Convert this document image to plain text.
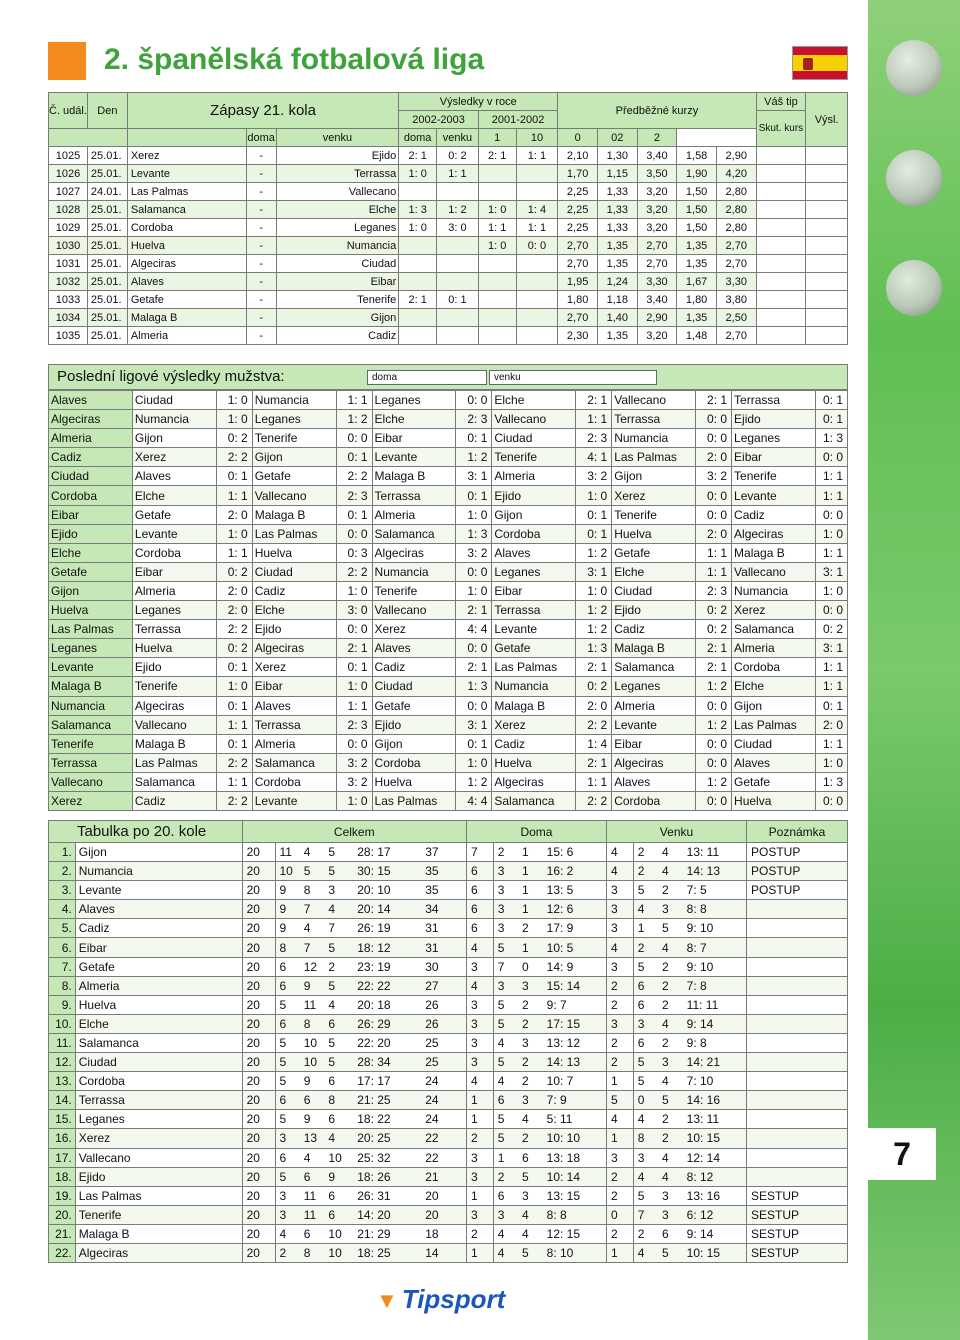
7
2. španělská fotbalová liga
Č. udál.	Den	Zápasy 21. kola			Výsledky v roce				Předběžné kurzy					Váš tip	Výsl.
					2002-2003		2001-2002							Skut. kurs	
			doma	venku	doma	venku	1	10	0	02	2				
1025	25.01.	Xerez	-	Ejido	2: 1	0: 2	2: 1	1: 1	2,10	1,30	3,40	1,58	2,90		
1026	25.01.	Levante	-	Terrassa	1: 0	1: 1			1,70	1,15	3,50	1,90	4,20		
1027	24.01.	Las Palmas	-	Vallecano					2,25	1,33	3,20	1,50	2,80		
1028	25.01.	Salamanca	-	Elche	1: 3	1: 2	1: 0	1: 4	2,25	1,33	3,20	1,50	2,80		
1029	25.01.	Cordoba	-	Leganes	1: 0	3: 0	1: 1	1: 1	2,25	1,33	3,20	1,50	2,80		
1030	25.01.	Huelva	-	Numancia			1: 0	0: 0	2,70	1,35	2,70	1,35	2,70		
1031	25.01.	Algeciras	-	Ciudad					2,70	1,35	2,70	1,35	2,70		
1032	25.01.	Alaves	-	Eibar					1,95	1,24	3,30	1,67	3,30		
1033	25.01.	Getafe	-	Tenerife	2: 1	0: 1			1,80	1,18	3,40	1,80	3,80		
1034	25.01.	Malaga B	-	Gijon					2,70	1,40	2,90	1,35	2,50		
1035	25.01.	Almeria	-	Cadiz					2,30	1,35	3,20	1,48	2,70		
Poslední ligové výsledky mužstva:	doma	venku
Alaves	Ciudad	1: 0	Numancia	1: 1	Leganes	0: 0	Elche	2: 1	Vallecano	2: 1	Terrassa	0: 1
Algeciras	Numancia	1: 0	Leganes	1: 2	Elche	2: 3	Vallecano	1: 1	Terrassa	0: 0	Ejido	0: 1
Almeria	Gijon	0: 2	Tenerife	0: 0	Eibar	0: 1	Ciudad	2: 3	Numancia	0: 0	Leganes	1: 3
Cadiz	Xerez	2: 2	Gijon	0: 1	Levante	1: 2	Tenerife	4: 1	Las Palmas	2: 0	Eibar	0: 0
Ciudad	Alaves	0: 1	Getafe	2: 2	Malaga B	3: 1	Almeria	3: 2	Gijon	3: 2	Tenerife	1: 1
Cordoba	Elche	1: 1	Vallecano	2: 3	Terrassa	0: 1	Ejido	1: 0	Xerez	0: 0	Levante	1: 1
Eibar	Getafe	2: 0	Malaga B	0: 1	Almeria	1: 0	Gijon	0: 1	Tenerife	0: 0	Cadiz	0: 0
Ejido	Levante	1: 0	Las Palmas	0: 0	Salamanca	1: 3	Cordoba	0: 1	Huelva	2: 0	Algeciras	1: 0
Elche	Cordoba	1: 1	Huelva	0: 3	Algeciras	3: 2	Alaves	1: 2	Getafe	1: 1	Malaga B	1: 1
Getafe	Eibar	0: 2	Ciudad	2: 2	Numancia	0: 0	Leganes	3: 1	Elche	1: 1	Vallecano	3: 1
Gijon	Almeria	2: 0	Cadiz	1: 0	Tenerife	1: 0	Eibar	1: 0	Ciudad	2: 3	Numancia	1: 0
Huelva	Leganes	2: 0	Elche	3: 0	Vallecano	2: 1	Terrassa	1: 2	Ejido	0: 2	Xerez	0: 0
Las Palmas	Terrassa	2: 2	Ejido	0: 0	Xerez	4: 4	Levante	1: 2	Cadiz	0: 2	Salamanca	0: 2
Leganes	Huelva	0: 2	Algeciras	2: 1	Alaves	0: 0	Getafe	1: 3	Malaga B	2: 1	Almeria	3: 1
Levante	Ejido	0: 1	Xerez	0: 1	Cadiz	2: 1	Las Palmas	2: 1	Salamanca	2: 1	Cordoba	1: 1
Malaga B	Tenerife	1: 0	Eibar	1: 0	Ciudad	1: 3	Numancia	0: 2	Leganes	1: 2	Elche	1: 1
Numancia	Algeciras	0: 1	Alaves	1: 1	Getafe	0: 0	Malaga B	2: 0	Almeria	0: 0	Gijon	0: 1
Salamanca	Vallecano	1: 1	Terrassa	2: 3	Ejido	3: 1	Xerez	2: 2	Levante	1: 2	Las Palmas	2: 0
Tenerife	Malaga B	0: 1	Almeria	0: 0	Gijon	0: 1	Cadiz	1: 4	Eibar	0: 0	Ciudad	1: 1
Terrassa	Las Palmas	2: 2	Salamanca	3: 2	Cordoba	1: 0	Huelva	2: 1	Algeciras	0: 0	Alaves	1: 0
Vallecano	Salamanca	1: 1	Cordoba	3: 2	Huelva	1: 2	Algeciras	1: 1	Alaves	1: 2	Getafe	1: 3
Xerez	Cadiz	2: 2	Levante	1: 0	Las Palmas	4: 4	Salamanca	2: 2	Cordoba	0: 0	Huelva	0: 0
Tabulka po 20. kole		Celkem						Doma				Venku				Poznámka
1.	Gijon	20	11	4	5	28: 17	37	7	2	1	15: 6	4	2	4	13: 11	POSTUP
2.	Numancia	20	10	5	5	30: 15	35	6	3	1	16: 2	4	2	4	14: 13	POSTUP
3.	Levante	20	9	8	3	20: 10	35	6	3	1	13: 5	3	5	2	7: 5	POSTUP
4.	Alaves	20	9	7	4	20: 14	34	6	3	1	12: 6	3	4	3	8: 8	
5.	Cadiz	20	9	4	7	26: 19	31	6	3	2	17: 9	3	1	5	9: 10	
6.	Eibar	20	8	7	5	18: 12	31	4	5	1	10: 5	4	2	4	8: 7	
7.	Getafe	20	6	12	2	23: 19	30	3	7	0	14: 9	3	5	2	9: 10	
8.	Almeria	20	6	9	5	22: 22	27	4	3	3	15: 14	2	6	2	7: 8	
9.	Huelva	20	5	11	4	20: 18	26	3	5	2	9: 7	2	6	2	11: 11	
10.	Elche	20	6	8	6	26: 29	26	3	5	2	17: 15	3	3	4	9: 14	
11.	Salamanca	20	5	10	5	22: 20	25	3	4	3	13: 12	2	6	2	9: 8	
12.	Ciudad	20	5	10	5	28: 34	25	3	5	2	14: 13	2	5	3	14: 21	
13.	Cordoba	20	5	9	6	17: 17	24	4	4	2	10: 7	1	5	4	7: 10	
14.	Terrassa	20	6	6	8	21: 25	24	1	6	3	7: 9	5	0	5	14: 16	
15.	Leganes	20	5	9	6	18: 22	24	1	5	4	5: 11	4	4	2	13: 11	
16.	Xerez	20	3	13	4	20: 25	22	2	5	2	10: 10	1	8	2	10: 15	
17.	Vallecano	20	6	4	10	25: 32	22	3	1	6	13: 18	3	3	4	12: 14	
18.	Ejido	20	5	6	9	18: 26	21	3	2	5	10: 14	2	4	4	8: 12	
19.	Las Palmas	20	3	11	6	26: 31	20	1	6	3	13: 15	2	5	3	13: 16	SESTUP
20.	Tenerife	20	3	11	6	14: 20	20	3	3	4	8: 8	0	7	3	6: 12	SESTUP
21.	Malaga B	20	4	6	10	21: 29	18	2	4	4	12: 15	2	2	6	9: 14	SESTUP
22.	Algeciras	20	2	8	10	18: 25	14	1	4	5	8: 10	1	4	5	10: 15	SESTUP
▼ Tipsport
